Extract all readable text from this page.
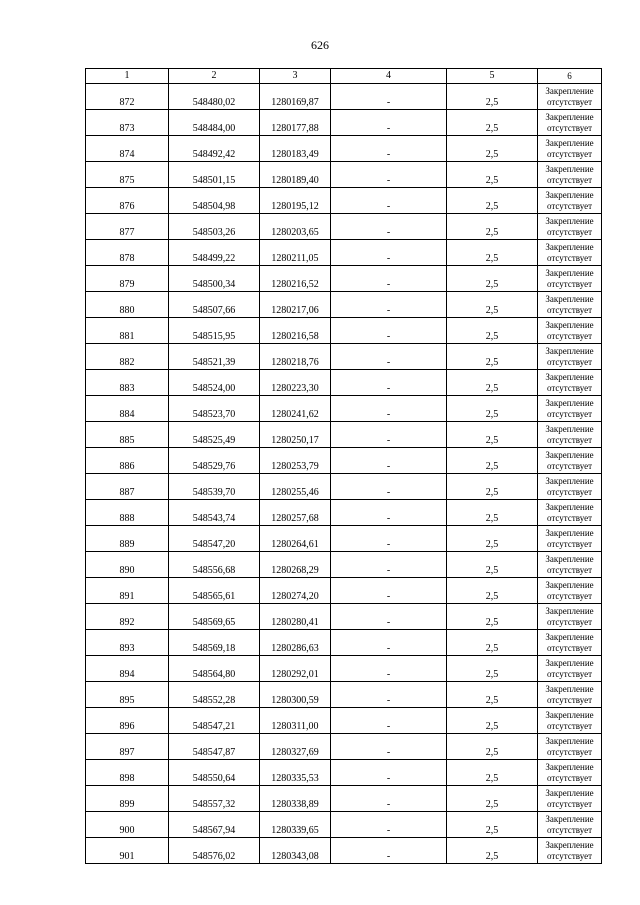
626
1	2	3	4	5	6
872	548480,02	1280169,87	-	2,5	Закрепление
отсутствует

873	548484,00	1280177,88	-	2,5	Закрепление
отсутствует

874	548492,42	1280183,49	-	2,5	Закрепление
отсутствует

875	548501,15	1280189,40	-	2,5	Закрепление
отсутствует

876	548504,98	1280195,12	-	2,5	Закрепление
отсутствует

877	548503,26	1280203,65	-	2,5	Закрепление
отсутствует

878	548499,22	1280211,05	-	2,5	Закрепление
отсутствует

879	548500,34	1280216,52	-	2,5	Закрепление
отсутствует

880	548507,66	1280217,06	-	2,5	Закрепление
отсутствует

881	548515,95	1280216,58	-	2,5	Закрепление
отсутствует

882	548521,39	1280218,76	-	2,5	Закрепление
отсутствует

883	548524,00	1280223,30	-	2,5	Закрепление
отсутствует

884	548523,70	1280241,62	-	2,5	Закрепление
отсутствует

885	548525,49	1280250,17	-	2,5	Закрепление
отсутствует

886	548529,76	1280253,79	-	2,5	Закрепление
отсутствует

887	548539,70	1280255,46	-	2,5	Закрепление
отсутствует

888	548543,74	1280257,68	-	2,5	Закрепление
отсутствует

889	548547,20	1280264,61	-	2,5	Закрепление
отсутствует

890	548556,68	1280268,29	-	2,5	Закрепление
отсутствует

891	548565,61	1280274,20	-	2,5	Закрепление
отсутствует

892	548569,65	1280280,41	-	2,5	Закрепление
отсутствует

893	548569,18	1280286,63	-	2,5	Закрепление
отсутствует

894	548564,80	1280292,01	-	2,5	Закрепление
отсутствует

895	548552,28	1280300,59	-	2,5	Закрепление
отсутствует

896	548547,21	1280311,00	-	2,5	Закрепление
отсутствует

897	548547,87	1280327,69	-	2,5	Закрепление
отсутствует

898	548550,64	1280335,53	-	2,5	Закрепление
отсутствует

899	548557,32	1280338,89	-	2,5	Закрепление
отсутствует

900	548567,94	1280339,65	-	2,5	Закрепление
отсутствует

901	548576,02	1280343,08	-	2,5	Закрепление
отсутствует
